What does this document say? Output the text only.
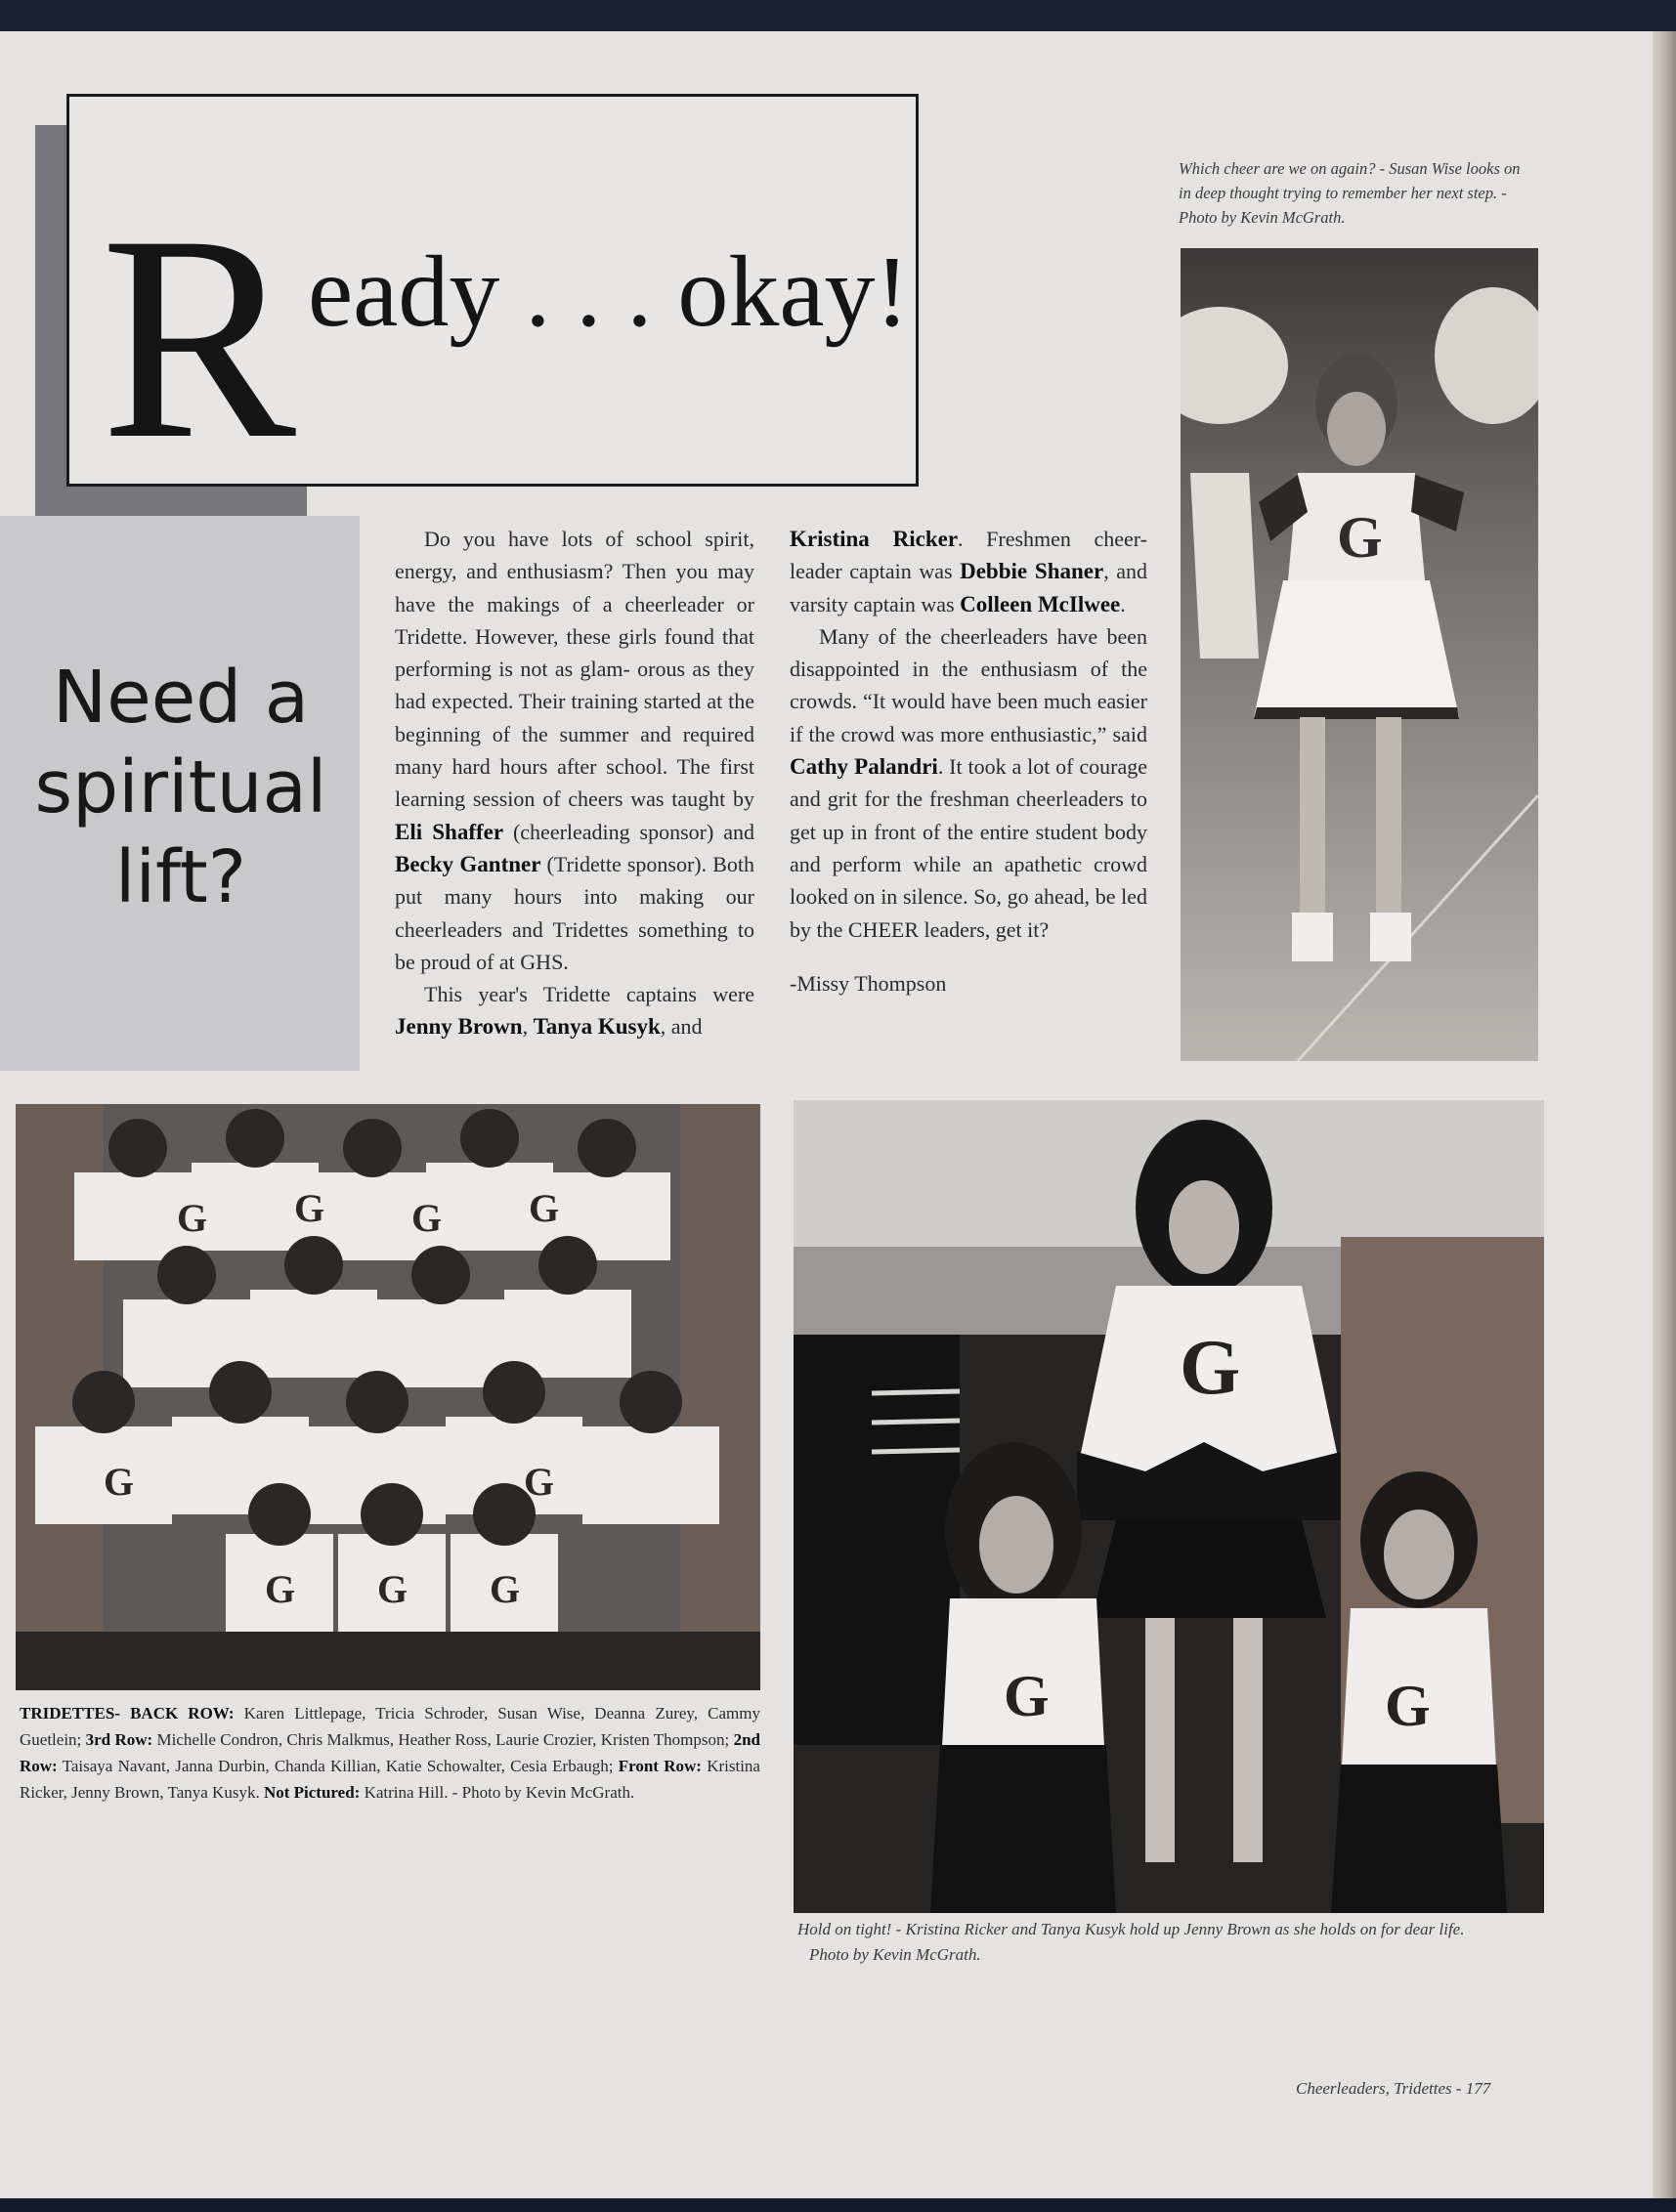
R eady . . . okay!
Need a
spiritual
lift?

Do you have lots of school spirit, energy, and enthusiasm? Then you may have the makings of a cheerleader or Tridette. However, these girls found that performing is not as glam- orous as they had expected. Their training started at the beginning of the summer and required many hard hours after school. The first learning session of cheers was taught by Eli Shaffer (cheerleading sponsor) and Becky Gantner (Tridette sponsor). Both put many hours into making our cheerleaders and Tridettes something to be proud of at GHS.

This year's Tridette captains were Jenny Brown, Tanya Kusyk, and

Kristina Ricker. Freshmen cheer- leader captain was Debbie Shaner, and varsity captain was Colleen McIlwee.

Many of the cheerleaders have been disappointed in the enthusiasm of the crowds. “It would have been much easier if the crowd was more enthusiastic,” said Cathy Palandri. It took a lot of courage and grit for the freshman cheerleaders to get up in front of the entire student body and perform while an apathetic crowd looked on in silence. So, go ahead, be led by the CHEER leaders, get it?

-Missy Thompson

Which cheer are we on again? - Susan Wise looks on in deep thought trying to remember her next step. - Photo by Kevin McGrath.
G
G G G G
G	G
G G G
TRIDETTES- BACK ROW: Karen Littlepage, Tricia Schroder, Susan Wise, Deanna Zurey, Cammy Guetlein; 3rd Row: Michelle Condron, Chris Malkmus, Heather Ross, Laurie Crozier, Kristen Thompson; 2nd Row: Taisaya Navant, Janna Durbin, Chanda Killian, Katie Schowalter, Cesia Erbaugh; Front Row: Kristina Ricker, Jenny Brown, Tanya Kusyk. Not Pictured: Katrina Hill. - Photo by Kevin McGrath.
G
G	G
Hold on tight! - Kristina Ricker and Tanya Kusyk hold up Jenny Brown as she holds on for dear life.
Photo by Kevin McGrath.
Cheerleaders, Tridettes - 177
